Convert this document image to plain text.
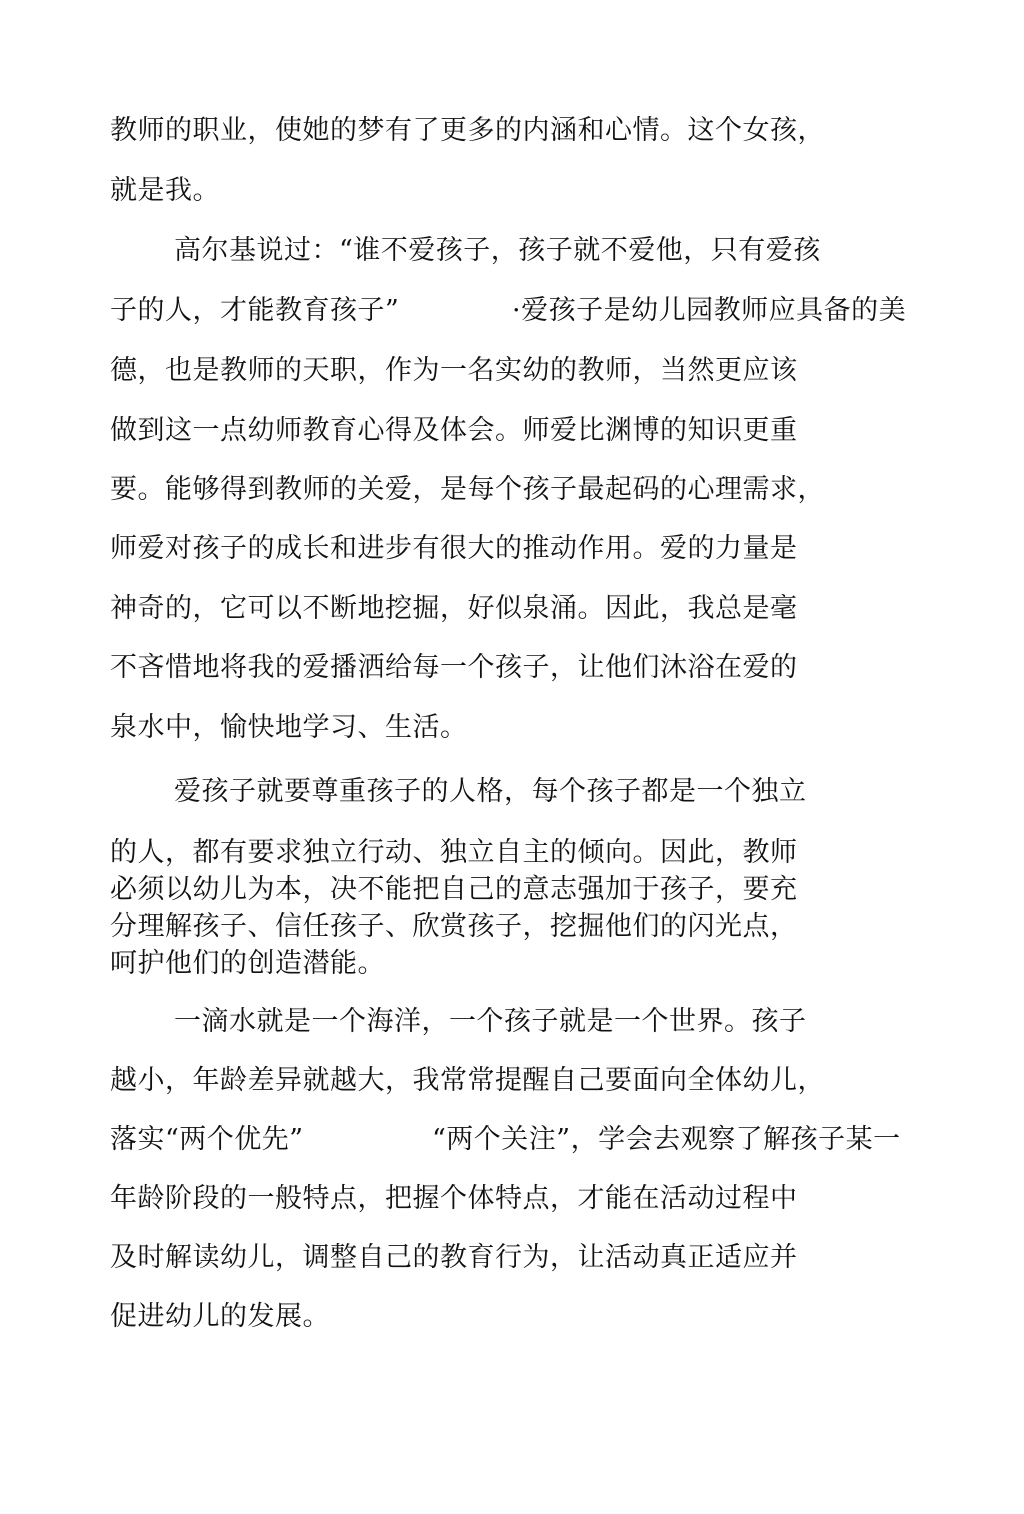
教师的职业，使她的梦有了更多的内涵和心情。这个女孩，
就是我。
高尔基说过：“谁不爱孩子，孩子就不爱他，只有爱孩
子的人，才能教育孩子”	·爱孩子是幼儿园教师应具备的美
德，也是教师的天职，作为一名实幼的教师，当然更应该
做到这一点幼师教育心得及体会。师爱比渊博的知识更重
要。能够得到教师的关爱，是每个孩子最起码的心理需求，
师爱对孩子的成长和进步有很大的推动作用。爱的力量是
神奇的，它可以不断地挖掘，好似泉涌。因此，我总是毫
不吝惜地将我的爱播洒给每一个孩子，让他们沐浴在爱的
泉水中，愉快地学习、生活。
爱孩子就要尊重孩子的人格，每个孩子都是一个独立
的人，都有要求独立行动、独立自主的倾向。因此，教师
必须以幼儿为本，决不能把自己的意志强加于孩子，要充
分理解孩子、信任孩子、欣赏孩子，挖掘他们的闪光点，
呵护他们的创造潜能。
一滴水就是一个海洋，一个孩子就是一个世界。孩子
越小，年龄差异就越大，我常常提醒自己要面向全体幼儿，
落实“两个优先”	“两个关注”，学会去观察了解孩子某一
年龄阶段的一般特点，把握个体特点，才能在活动过程中
及时解读幼儿，调整自己的教育行为，让活动真正适应并
促进幼儿的发展。
